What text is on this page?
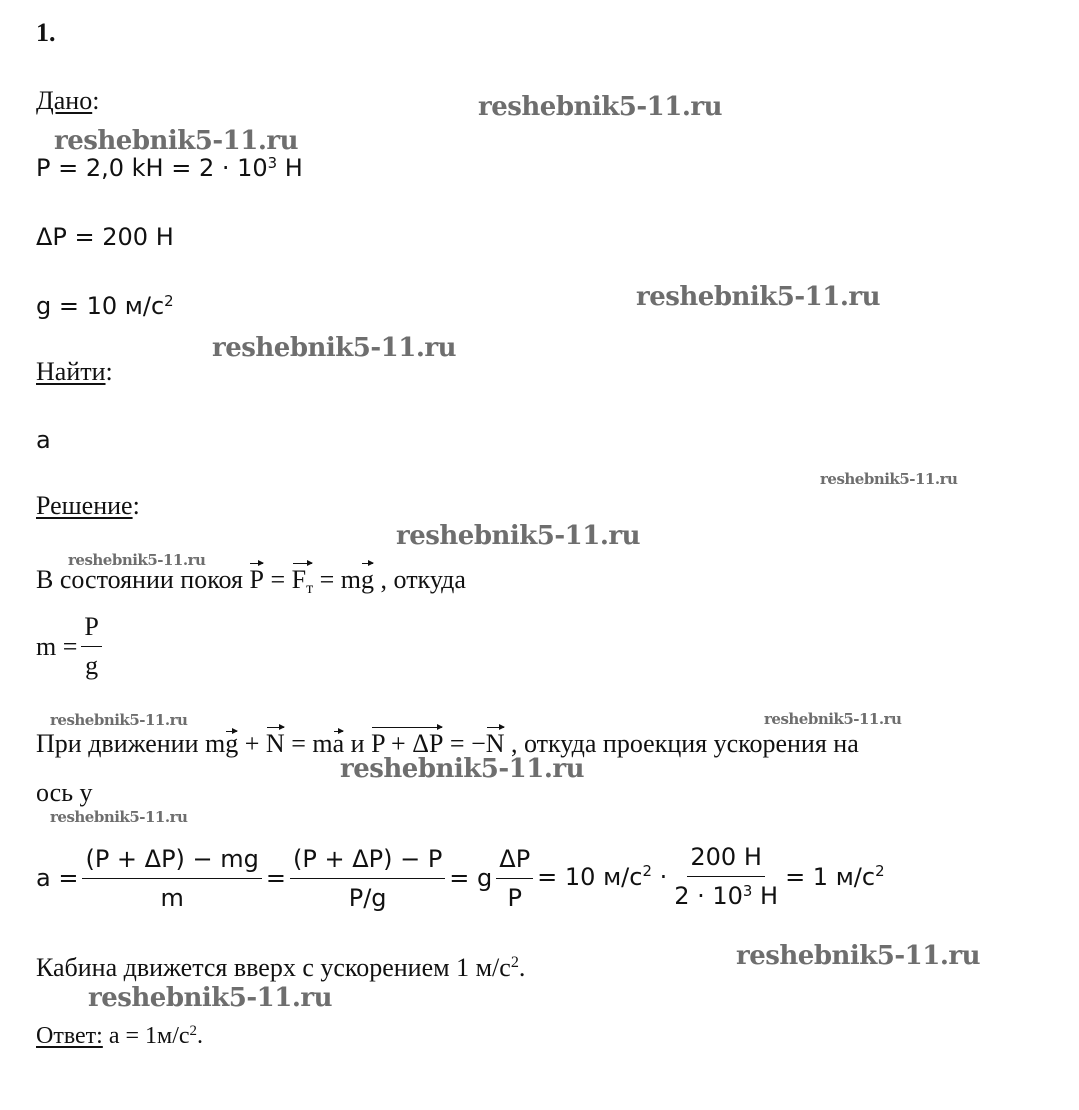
1.
Дано:
P = 2,0 kH = $2 \cdot 10^3$ H
ΔP = 200 H
g = 10 $м/с^2$
Найти:
a
Решение:
В состоянии покоя $P = F_т$ = mg , откуда
$m = \frac{P}{g}$
При движении mg + N = ma и P + ΔP = −N , откуда проекция ускорения на
ось y
$a = \frac{(P + \Delta P) - mg}{m} = \frac{(P + \Delta P) - P}{P/g} = g \frac{\Delta P}{P} = 10$ $м/с^2 \cdot \frac{200 H}{2 \cdot 10^3 H} = 1$ $м/с^2$
Кабина движется вверх с ускорением 1 $м/с^2$.
Ответ: $a = 1м/с^2$.
reshebnik5-11.ru
reshebnik5-11.ru
reshebnik5-11.ru
reshebnik5-11.ru
reshebnik5-11.ru
reshebnik5-11.ru
reshebnik5-11.ru
reshebnik5-11.ru	reshebnik5-11.ru
reshebnik5-11.ru
reshebnik5-11.ru
reshebnik5-11.ru
reshebnik5-11.ru
